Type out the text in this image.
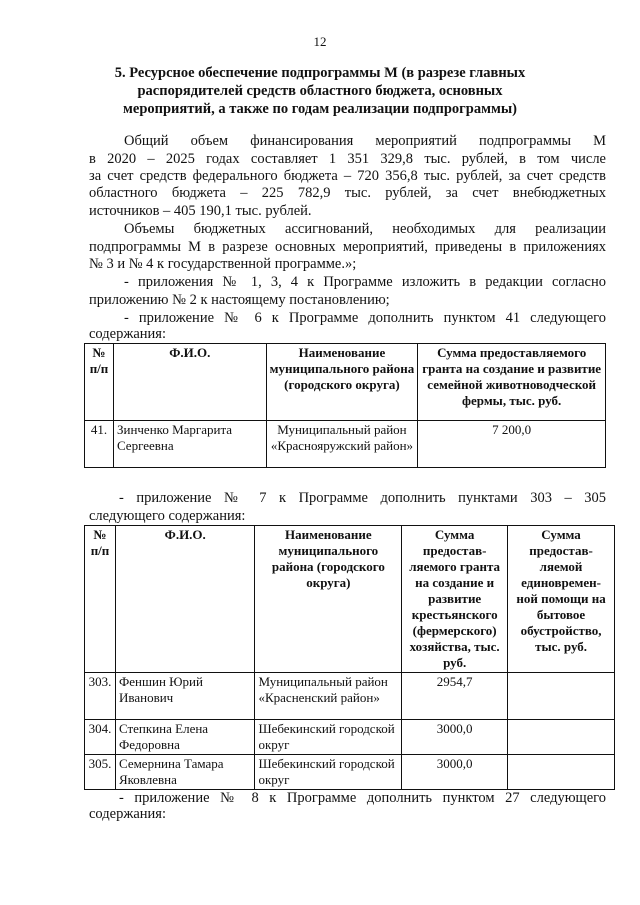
12
5. Ресурсное обеспечение подпрограммы М (в разрезе главных
распорядителей средств областного бюджета, основных
мероприятий, а также по годам реализации подпрограммы)
Общий объем финансирования мероприятий подпрограммы М
в 2020 – 2025 годах составляет 1 351 329,8 тыс. рублей, в том числе
за счет средств федерального бюджета – 720 356,8 тыс. рублей, за счет средств
областного бюджета – 225 782,9 тыс. рублей, за счет внебюджетных
источников – 405 190,1 тыс. рублей.
Объемы бюджетных ассигнований, необходимых для реализации
подпрограммы М в разрезе основных мероприятий, приведены в приложениях
№ 3 и № 4 к государственной программе.»;
- приложения № 1, 3, 4 к Программе изложить в редакции согласно
приложению № 2 к настоящему постановлению;
- приложение № 6 к Программе дополнить пунктом 41 следующего
содержания:
№ п/п	Ф.И.О.	Наименование муниципального района (городского округа)	Сумма предоставляемого гранта на создание и развитие семейной животноводческой фермы, тыс. руб.
41.	Зинченко Маргарита Сергеевна	Муниципальный район «Краснояружский район»	7 200,0
- приложение № 7 к Программе дополнить пунктами 303 – 305
следующего содержания:
№ п/п	Ф.И.О.	Наименование муниципального района (городского округа)	Сумма предостав-ляемого гранта на создание и развитие крестьянского (фермерского) хозяйства, тыс. руб.	Сумма предостав-ляемой единовремен-ной помощи на бытовое обустройство, тыс. руб.
303.	Феншин Юрий Иванович	Муниципальный район «Красненский район»	2954,7	
304.	Степкина Елена Федоровна	Шебекинский городской округ	3000,0	
305.	Семернина Тамара Яковлевна	Шебекинский городской округ	3000,0	
- приложение № 8 к Программе дополнить пунктом 27 следующего
содержания:
